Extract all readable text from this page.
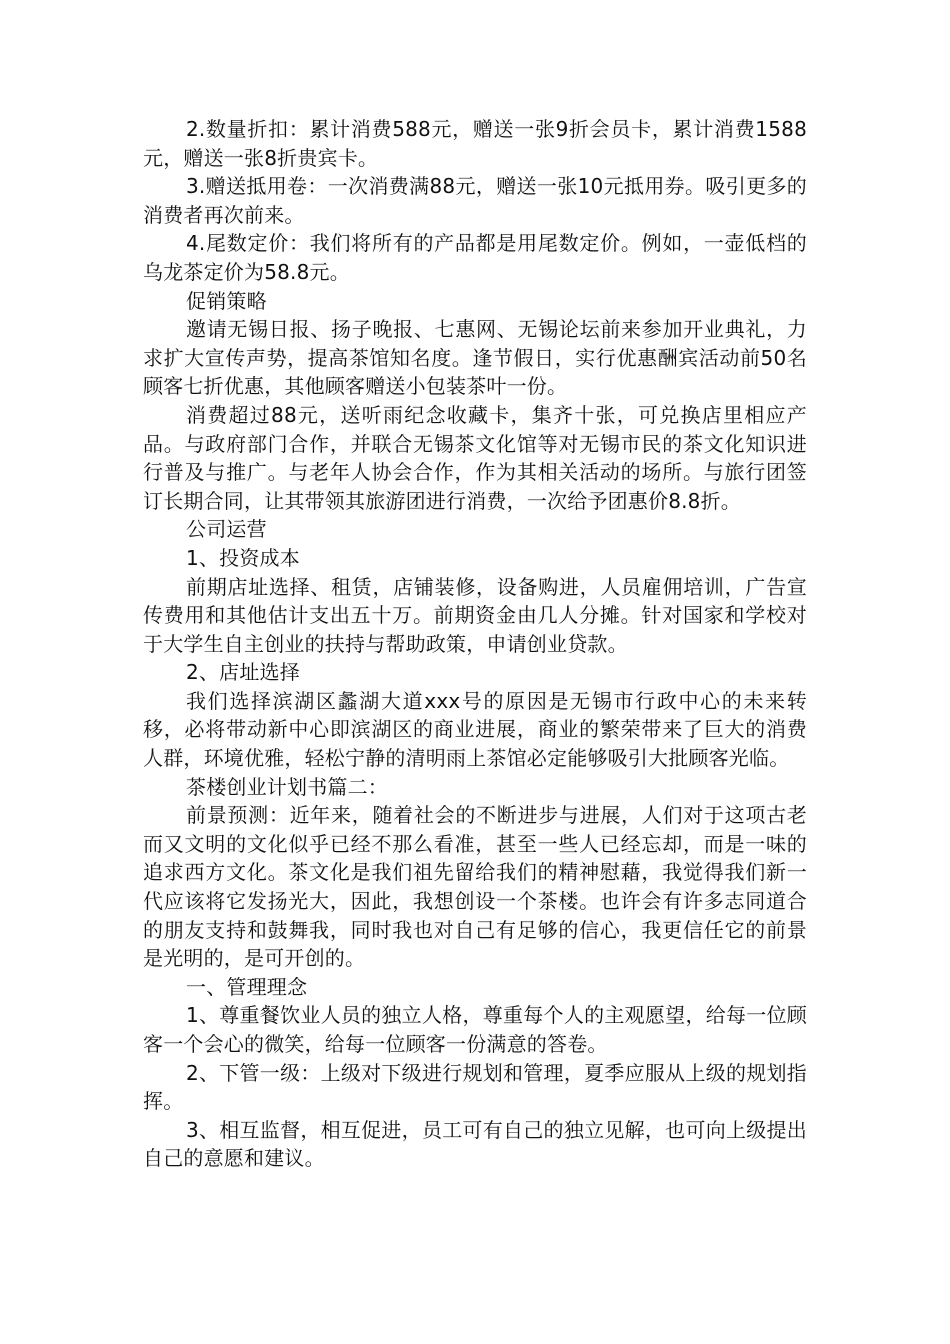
2.数量折扣：累计消费588元，赠送一张9折会员卡，累计消费1588元，赠送一张8折贵宾卡。

3.赠送抵用卷：一次消费满88元，赠送一张10元抵用券。吸引更多的消费者再次前来。

4.尾数定价：我们将所有的产品都是用尾数定价。例如，一壶低档的乌龙茶定价为58.8元。

促销策略

邀请无锡日报、扬子晚报、七惠网、无锡论坛前来参加开业典礼，力求扩大宣传声势，提高茶馆知名度。逢节假日，实行优惠酬宾活动前50名顾客七折优惠，其他顾客赠送小包装茶叶一份。

消费超过88元，送听雨纪念收藏卡，集齐十张，可兑换店里相应产品。与政府部门合作，并联合无锡茶文化馆等对无锡市民的茶文化知识进行普及与推广。与老年人协会合作，作为其相关活动的场所。与旅行团签订长期合同，让其带领其旅游团进行消费，一次给予团惠价8.8折。

公司运营

1、投资成本

前期店址选择、租赁，店铺装修，设备购进，人员雇佣培训，广告宣传费用和其他估计支出五十万。前期资金由几人分摊。针对国家和学校对于大学生自主创业的扶持与帮助政策，申请创业贷款。

2、店址选择

我们选择滨湖区蠡湖大道xxx号的原因是无锡市行政中心的未来转移，必将带动新中心即滨湖区的商业进展，商业的繁荣带来了巨大的消费人群，环境优雅，轻松宁静的清明雨上茶馆必定能够吸引大批顾客光临。

茶楼创业计划书篇二：

前景预测：近年来，随着社会的不断进步与进展，人们对于这项古老而又文明的文化似乎已经不那么看准，甚至一些人已经忘却，而是一味的追求西方文化。茶文化是我们祖先留给我们的精神慰藉，我觉得我们新一代应该将它发扬光大，因此，我想创设一个茶楼。也许会有许多志同道合的朋友支持和鼓舞我，同时我也对自己有足够的信心，我更信任它的前景是光明的，是可开创的。

一、管理理念

1、尊重餐饮业人员的独立人格，尊重每个人的主观愿望，给每一位顾客一个会心的微笑，给每一位顾客一份满意的答卷。

2、下管一级：上级对下级进行规划和管理，夏季应服从上级的规划指挥。

3、相互监督，相互促进，员工可有自己的独立见解，也可向上级提出自己的意愿和建议。
